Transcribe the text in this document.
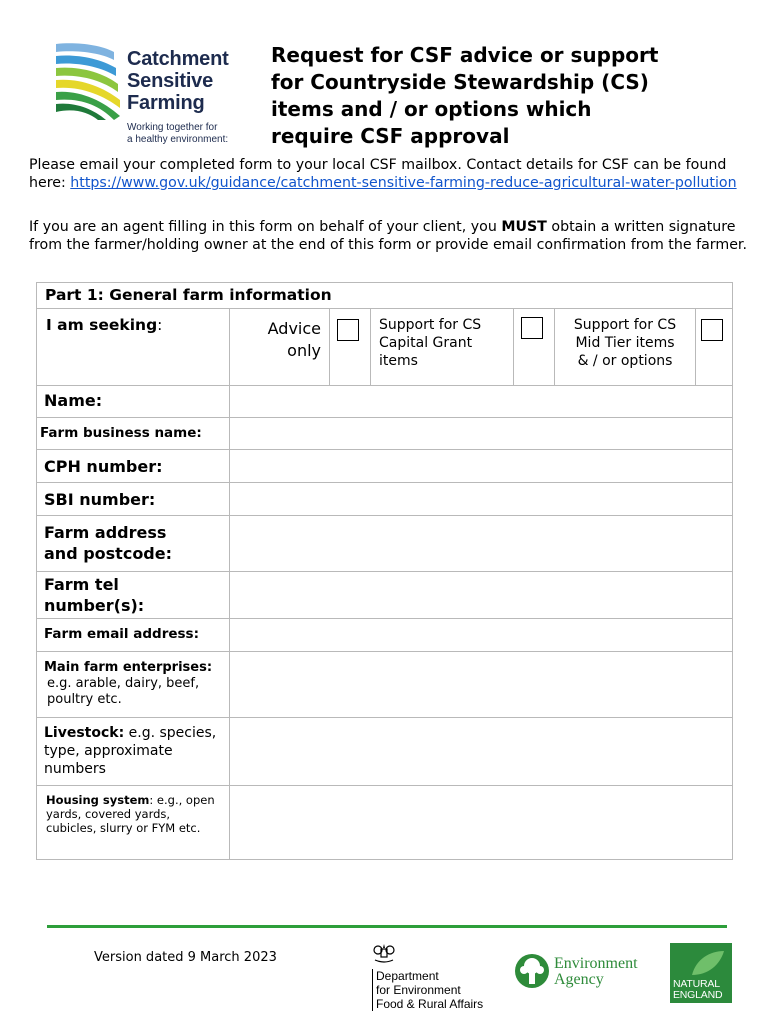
Catchment
Sensitive
Farming
Working together for
a healthy environment:
Request for CSF advice or support
for Countryside Stewardship (CS)
items and / or options which
require CSF approval
Please email your completed form to your local CSF mailbox. Contact details for CSF can be found here: https://www.gov.uk/guidance/catchment-sensitive-farming-reduce-agricultural-water-pollution
If you are an agent filling in this form on behalf of your client, you MUST obtain a written signature from the farmer/holding owner at the end of this form or provide email confirmation from the farmer.
Part 1: General farm information
I am seeking:	Advice only
Support for CS
Capital Grant
items
Support for CS
Mid Tier items
& / or options
Name:
Farm business name:
CPH number:
SBI number:
Farm address
and postcode:
Farm tel
number(s):
Farm email address:
Main farm enterprises:
e.g. arable, dairy, beef, poultry etc.
Livestock: e.g. species, type, approximate numbers
Housing system: e.g., open yards, covered yards, cubicles, slurry or FYM etc.
Version dated 9 March 2023
Department
for Environment
Food & Rural Affairs
Environment
Agency	NATURAL
ENGLAND
